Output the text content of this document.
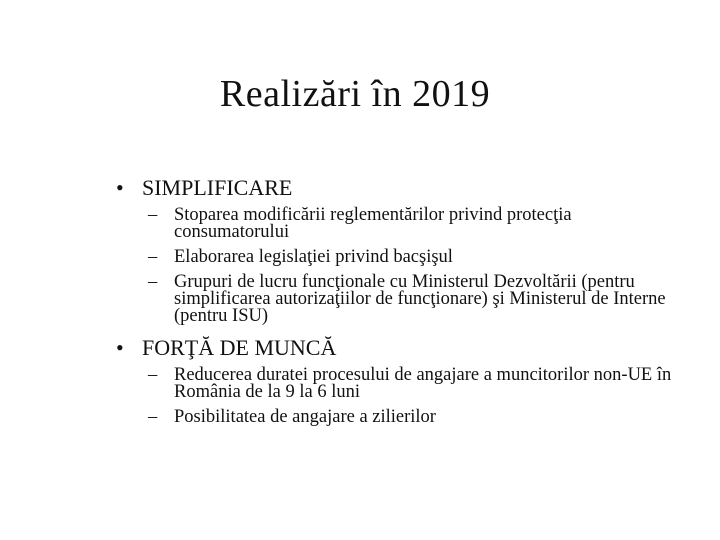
Realizări în 2019
• SIMPLIFICARE
– Stoparea modificării reglementărilor privind protecţia consumatorului
– Elaborarea legislaţiei privind bacşişul
– Grupuri de lucru funcţionale cu Ministerul Dezvoltării (pentru simplificarea autorizaţiilor de funcţionare) şi Ministerul de Interne (pentru ISU)
• FORŢĂ DE MUNCĂ
– Reducerea duratei procesului de angajare a muncitorilor non-UE în România de la 9 la 6 luni
– Posibilitatea de angajare a zilierilor
